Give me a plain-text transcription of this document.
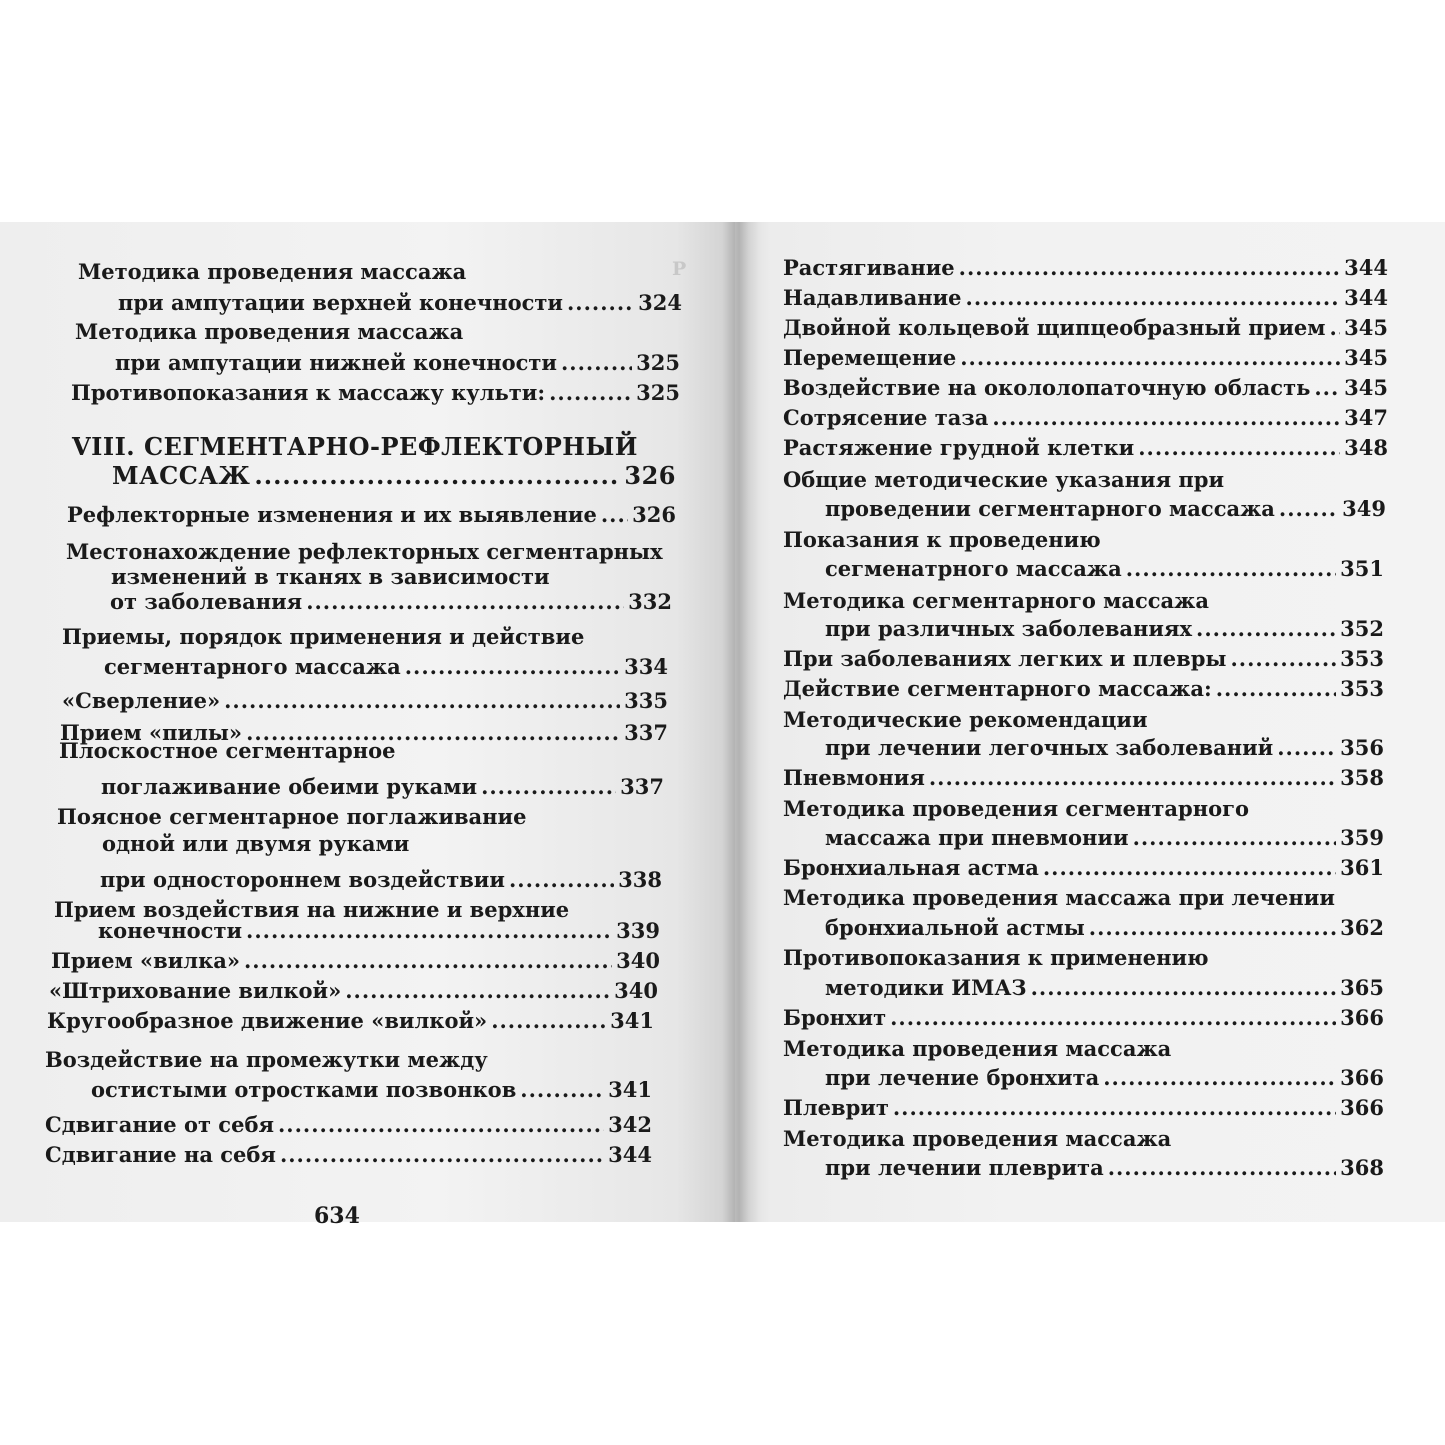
Р
Методика проведения массажа
при ампутации верхней конечности .....	324
Методика проведения массажа
при ампутации нижней конечности .....	325
Противопоказания к массажу культи: .....	325
VIII. СЕГМЕНТАРНО-РЕФЛЕКТОРНЫЙ
МАССАЖ .....	326
Рефлекторные изменения и их выявление ..... 326
Местонахождение рефлекторных сегментарных
изменений в тканях в зависимости
от заболевания .....	332
Приемы, порядок применения и действие
сегментарного массажа .....	334
«Сверление» .....	335
Прием «пилы» .....	337
Плоскостное сегментарное
поглаживание обеими руками .....	337
Поясное сегментарное поглаживание
одной или двумя руками
при одностороннем воздействии .....	338
Прием воздействия на нижние и верхние
конечности .....	339
Прием «вилка» .....	340
«Штрихование вилкой» .....	340
Кругообразное движение «вилкой» .....	341
Воздействие на промежутки между
остистыми отростками позвонков .....	341
Сдвигание от себя .....	342
Сдвигание на себя .....	344
Растягивание .....	344
Надавливание .....	344
Двойной кольцевой щипцеобразный прием ..... 345
Перемещение .....	345
Воздействие на окололопаточную область ..... 345
Сотрясение таза .....	347
Растяжение грудной клетки .....	348
Общие методические указания при
проведении сегментарного массажа .....	349
Показания к проведению
сегменатрного массажа .....	351
Методика сегментарного массажа
при различных заболеваниях .....	352
При заболеваниях легких и плевры .....	353
Действие сегментарного массажа: .....	353
Методические рекомендации
при лечении легочных заболеваний .....	356
Пневмония .....	358
Методика проведения сегментарного
массажа при пневмонии .....	359
Бронхиальная астма .....	361
Методика проведения массажа при лечении
бронхиальной астмы .....	362
Противопоказания к применению
методики ИМАЗ .....	365
Бронхит .....	366
Методика проведения массажа
при лечение бронхита .....	366
Плеврит .....	366
Методика проведения массажа
при лечении плеврита .....	368
634
